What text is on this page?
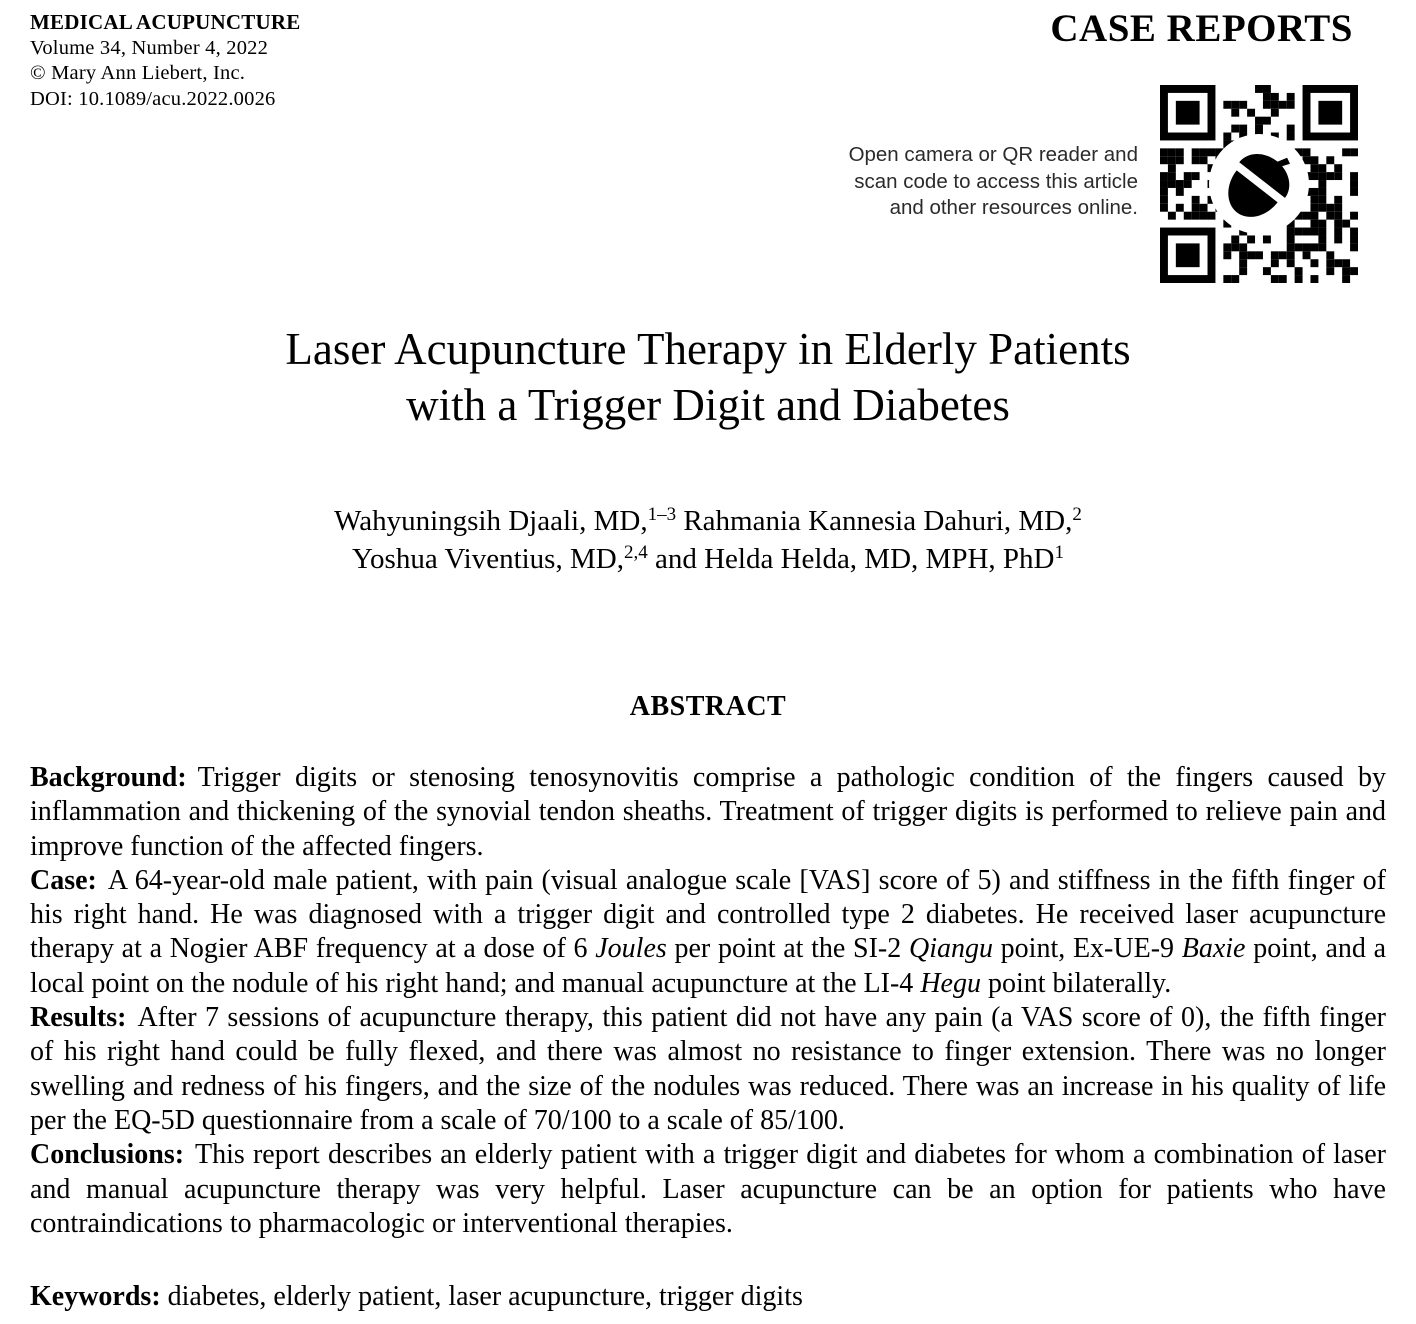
MEDICAL ACUPUNCTURE
Volume 34, Number 4, 2022
© Mary Ann Liebert, Inc.
DOI: 10.1089/acu.2022.0026
CASE REPORTS
Open camera or QR reader and
scan code to access this article
and other resources online.
Laser Acupuncture Therapy in Elderly Patients
with a Trigger Digit and Diabetes
Wahyuningsih Djaali, MD,$^{1-3}$ Rahmania Kannesia Dahuri, MD,$^2$
Yoshua Viventius, MD,$^{2,4}$ and Helda Helda, MD, MPH, PhD$^1$
ABSTRACT

Background: Trigger digits or stenosing tenosynovitis comprise a pathologic condition of the fingers caused by inflammation and thickening of the synovial tendon sheaths. Treatment of trigger digits is performed to relieve pain and improve function of the affected fingers.

Case: A 64-year-old male patient, with pain (visual analogue scale [VAS] score of 5) and stiffness in the fifth finger of his right hand. He was diagnosed with a trigger digit and controlled type 2 diabetes. He received laser acupuncture therapy at a Nogier ABF frequency at a dose of 6 Joules per point at the SI-2 Qiangu point, Ex-UE-9 Baxie point, and a local point on the nodule of his right hand; and manual acupuncture at the LI-4 Hegu point bilaterally.

Results: After 7 sessions of acupuncture therapy, this patient did not have any pain (a VAS score of 0), the fifth finger of his right hand could be fully flexed, and there was almost no resistance to finger extension. There was no longer swelling and redness of his fingers, and the size of the nodules was reduced. There was an increase in his quality of life per the EQ-5D questionnaire from a scale of 70/100 to a scale of 85/100.

Conclusions: This report describes an elderly patient with a trigger digit and diabetes for whom a combination of laser and manual acupuncture therapy was very helpful. Laser acupuncture can be an option for patients who have contraindications to pharmacologic or interventional therapies.

Keywords: diabetes, elderly patient, laser acupuncture, trigger digits
